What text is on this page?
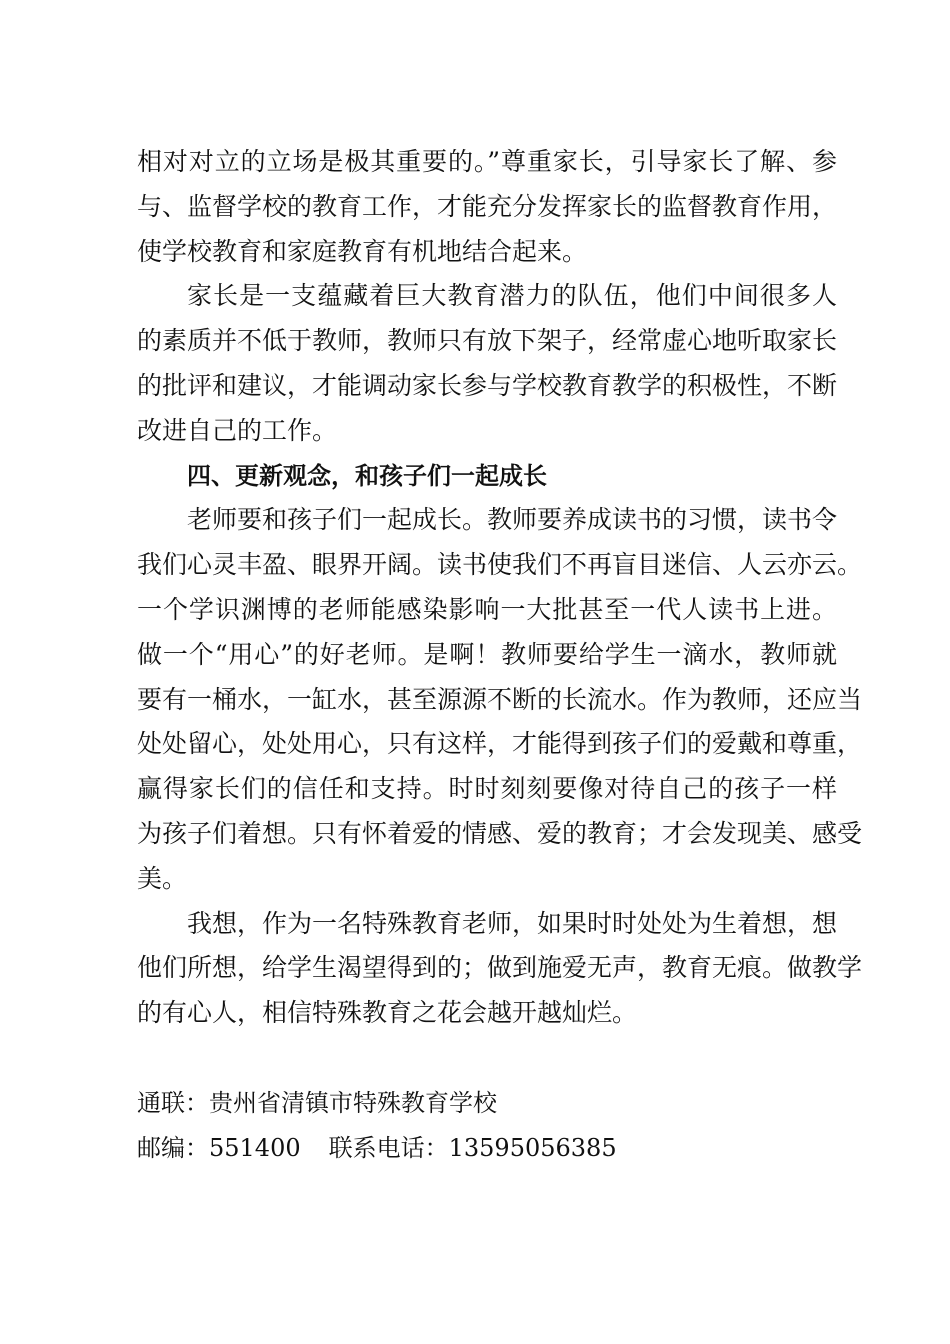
相对对立的立场是极其重要的。”尊重家长，引导家长了解、参
与、监督学校的教育工作，才能充分发挥家长的监督教育作用，
使学校教育和家庭教育有机地结合起来。
家长是一支蕴藏着巨大教育潜力的队伍，他们中间很多人
的素质并不低于教师，教师只有放下架子，经常虚心地听取家长
的批评和建议，才能调动家长参与学校教育教学的积极性，不断
改进自己的工作。
四、更新观念，和孩子们一起成长
老师要和孩子们一起成长。教师要养成读书的习惯，读书令
我们心灵丰盈、眼界开阔。读书使我们不再盲目迷信、人云亦云。
一个学识渊博的老师能感染影响一大批甚至一代人读书上进。
做一个“用心”的好老师。是啊！教师要给学生一滴水，教师就
要有一桶水，一缸水，甚至源源不断的长流水。作为教师，还应当
处处留心，处处用心，只有这样，才能得到孩子们的爱戴和尊重，
赢得家长们的信任和支持。时时刻刻要像对待自己的孩子一样
为孩子们着想。只有怀着爱的情感、爱的教育；才会发现美、感受
美。
我想，作为一名特殊教育老师，如果时时处处为生着想，想
他们所想，给学生渴望得到的；做到施爱无声，教育无痕。做教学
的有心人，相信特殊教育之花会越开越灿烂。
通联：贵州省清镇市特殊教育学校
邮编：551400 联系电话：13595056385
